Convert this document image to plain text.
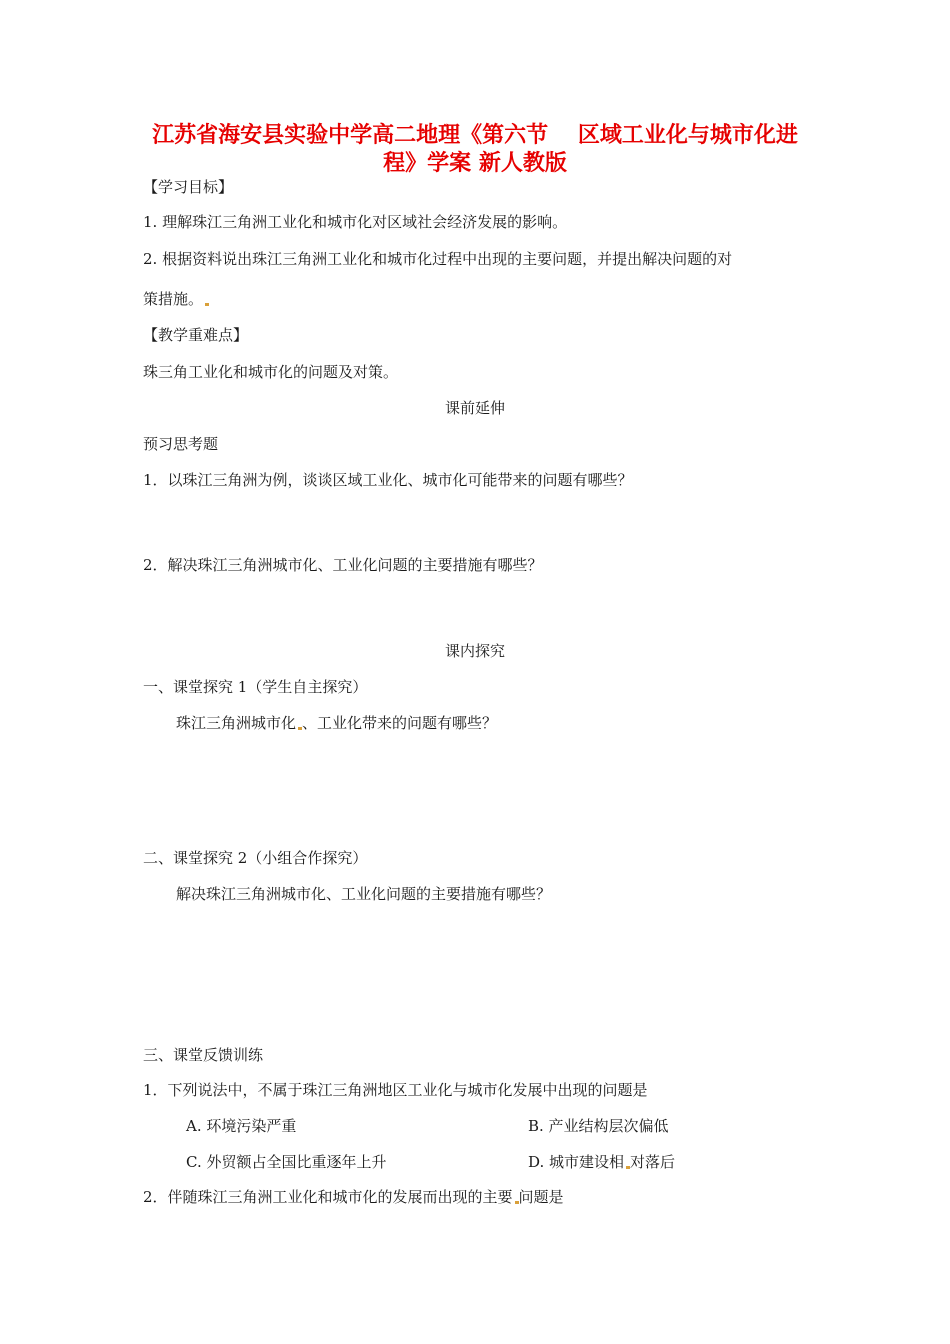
江苏省海安县实验中学高二地理《第六节　 区域工业化与城市化进
程》学案 新人教版
【学习目标】
1. 理解珠江三角洲工业化和城市化对区域社会经济发展的影响。
2. 根据资料说出珠江三角洲工业化和城市化过程中出现的主要问题，并提出解决问题的对
策措施。
【教学重难点】
珠三角工业化和城市化的问题及对策。
课前延伸
预习思考题
1．以珠江三角洲为例，谈谈区域工业化、城市化可能带来的问题有哪些？
2．解决珠江三角洲城市化、工业化问题的主要措施有哪些？
课内探究
一、课堂探究 1（学生自主探究）
珠江三角洲城市化 、工业化带来的问题有哪些？
二、课堂探究 2（小组合作探究）
解决珠江三角洲城市化、工业化问题的主要措施有哪些？
三、课堂反馈训练
1．下列说法中，不属于珠江三角洲地区工业化与城市化发展中出现的问题是
A. 环境污染严重	B. 产业结构层次偏低
C. 外贸额占全国比重逐年上升	D. 城市建设相 对落后
2．伴随珠江三角洲工业化和城市化的发展而出现的主要 问题是
